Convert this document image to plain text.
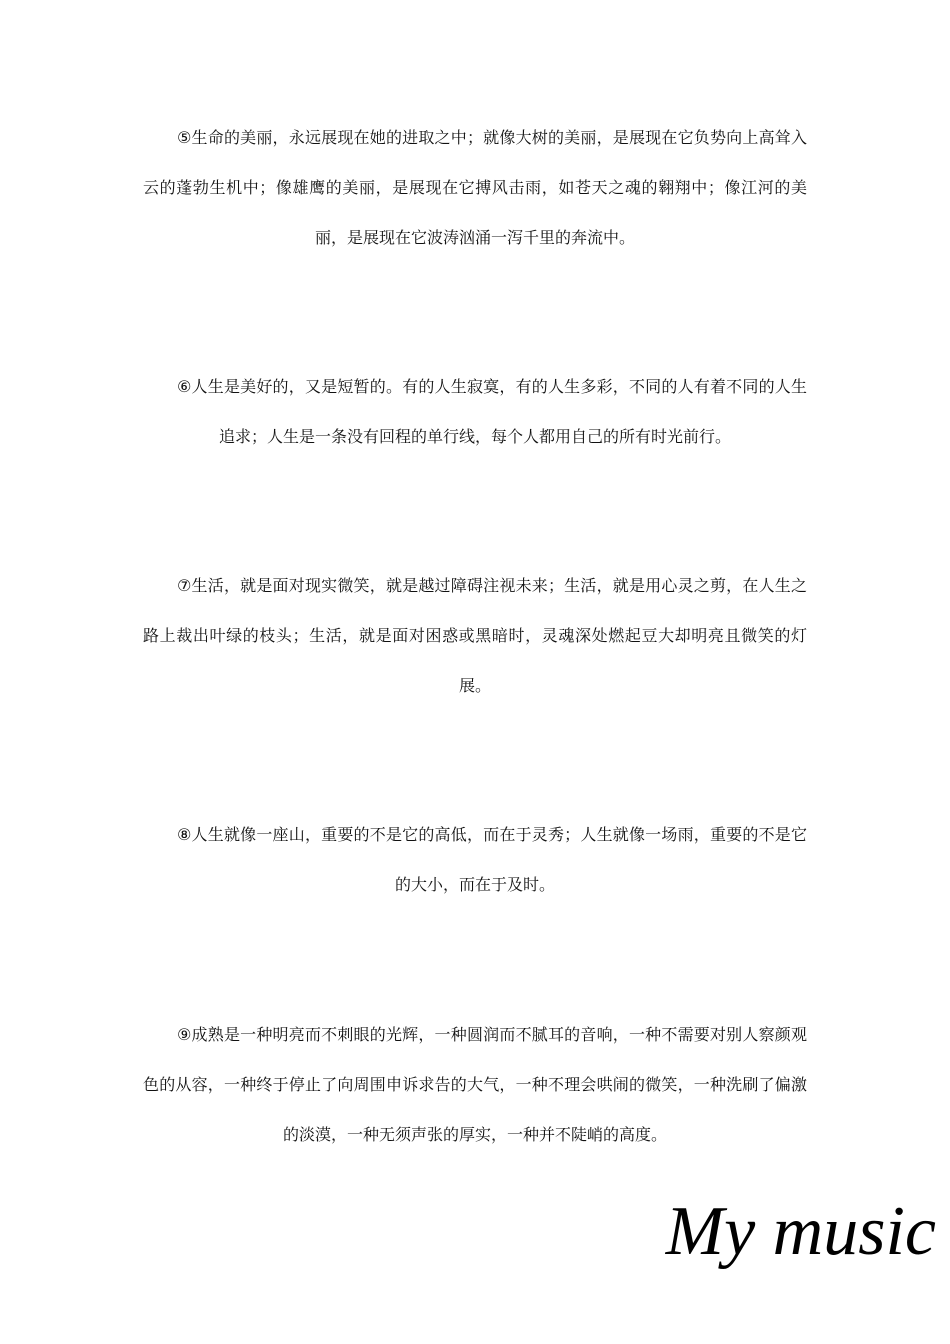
⑤生命的美丽，永远展现在她的进取之中；就像大树的美丽，是展现在它负势向上高耸入云的蓬勃生机中；像雄鹰的美丽，是展现在它搏风击雨，如苍天之魂的翱翔中；像江河的美丽，是展现在它波涛汹涌一泻千里的奔流中。

⑥人生是美好的，又是短暂的。有的人生寂寞，有的人生多彩，不同的人有着不同的人生追求；人生是一条没有回程的单行线，每个人都用自己的所有时光前行。

⑦生活，就是面对现实微笑，就是越过障碍注视未来；生活，就是用心灵之剪，在人生之路上裁出叶绿的枝头；生活，就是面对困惑或黑暗时，灵魂深处燃起豆大却明亮且微笑的灯展。

⑧人生就像一座山，重要的不是它的高低，而在于灵秀；人生就像一场雨，重要的不是它的大小，而在于及时。

⑨成熟是一种明亮而不刺眼的光辉，一种圆润而不腻耳的音响，一种不需要对别人察颜观色的从容，一种终于停止了向周围申诉求告的大气，一种不理会哄闹的微笑，一种洗刷了偏激的淡漠，一种无须声张的厚实，一种并不陡峭的高度。

My music
